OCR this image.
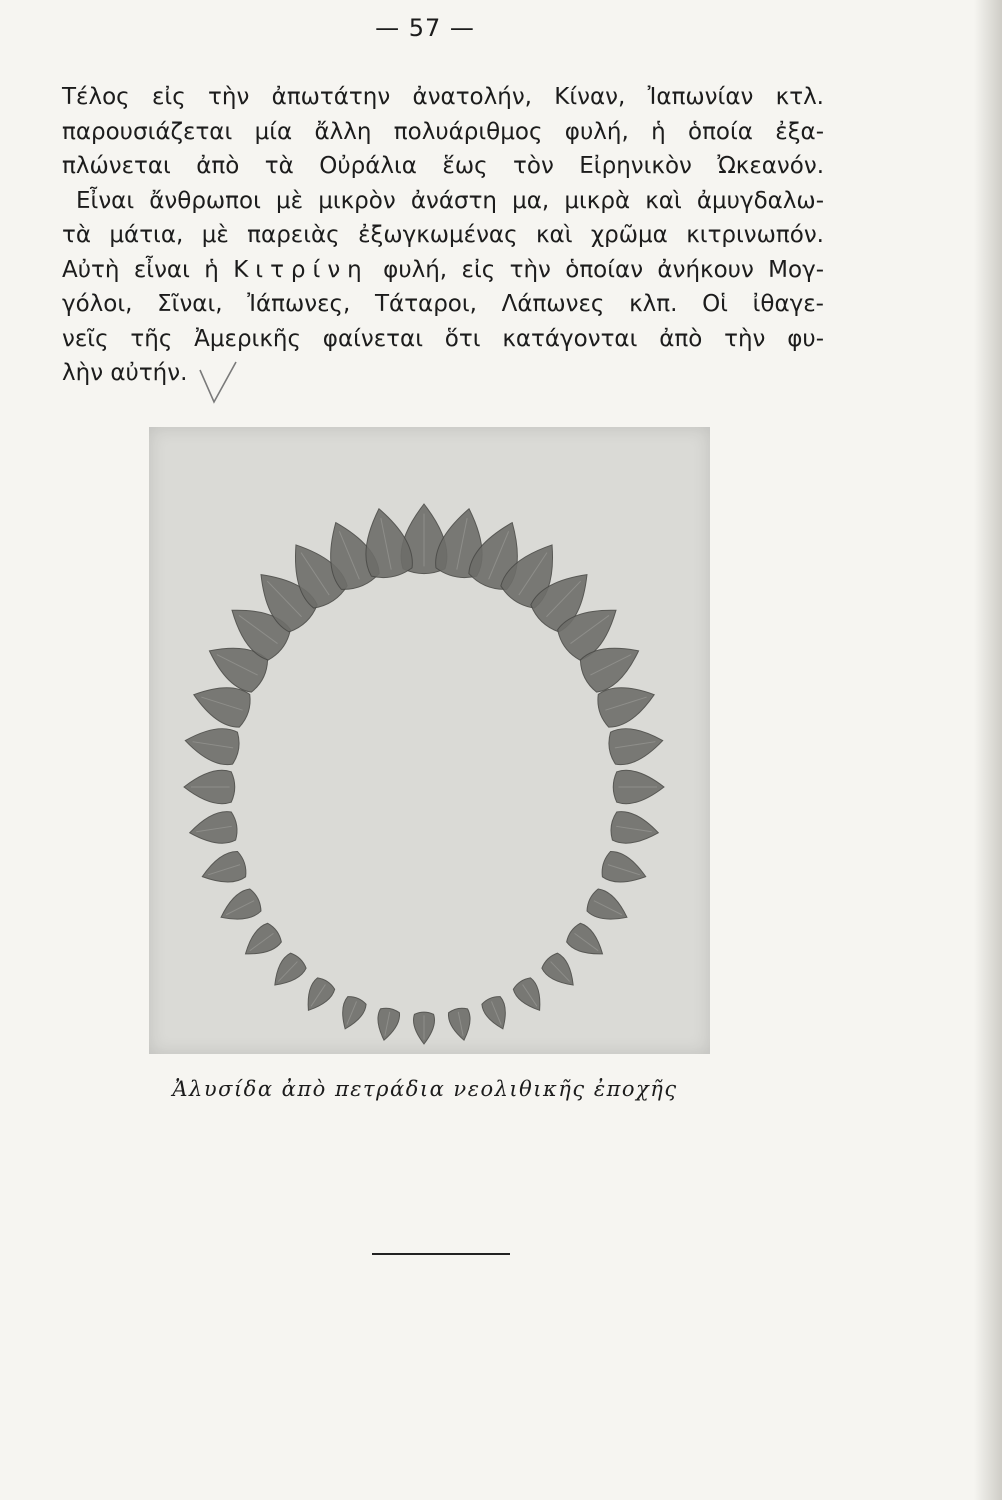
— 57 —
Τέλος εἰς τὴν ἀπωτάτην ἀνατολήν, Κίναν, Ἰαπωνίαν κτλ.
παρουσιάζεται μία ἄλλη πολυάριθμος φυλή, ἡ ὁποία ἐξα-
πλώνεται ἀπὸ τὰ Οὐράλια ἕως τὸν Εἰρηνικὸν Ὠκεανόν.
Εἶναι ἄνθρωποι μὲ μικρὸν ἀνάστη μα, μικρὰ καὶ ἀμυγδαλω-
τὰ μάτια, μὲ παρειὰς ἐξωγκωμένας καὶ χρῶμα κιτρινωπόν.
Αὐτὴ εἶναι ἡ Κιτρίνη φυλή, εἰς τὴν ὁποίαν ἀνήκουν Μογ-
γόλοι, Σῖναι, Ἰάπωνες, Τάταροι, Λάπωνες κλπ. Οἱ ἰθαγε-
νεῖς τῆς Ἀμερικῆς φαίνεται ὅτι κατάγονται ἀπὸ τὴν φυ-
λὴν αὐτήν.
Ἀλυσίδα ἀπὸ πετράδια νεολιθικῆς ἐποχῆς
